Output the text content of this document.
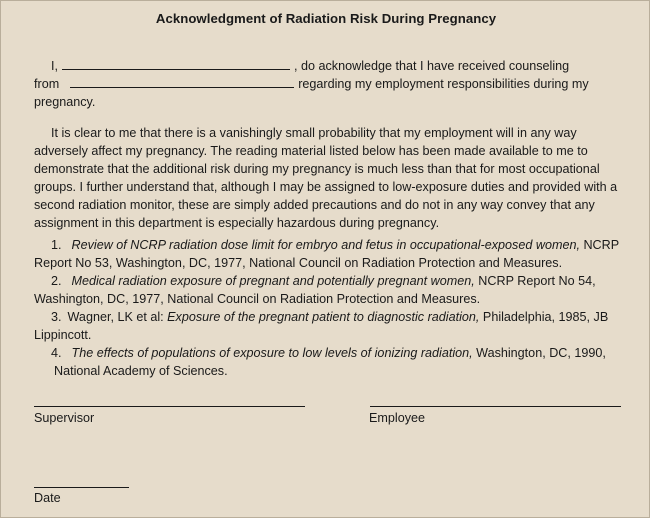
Acknowledgment of Radiation Risk During Pregnancy
I,	, do acknowledge that I have received counseling
from	regarding my employment responsibilities during my
pregnancy.
It is clear to me that there is a vanishingly small probability that my employment will in any way adversely affect my pregnancy. The reading material listed below has been made available to me to demonstrate that the additional risk during my pregnancy is much less than that for most occupational groups. I further understand that, although I may be assigned to low-exposure duties and provided with a second radiation monitor, these are simply added precautions and do not in any way convey that any assignment in this department is especially hazardous during pregnancy.
1. Review of NCRP radiation dose limit for embryo and fetus in occupational-exposed women, NCRP
Report No 53, Washington, DC, 1977, National Council on Radiation Protection and Measures.
2. Medical radiation exposure of pregnant and potentially pregnant women, NCRP Report No 54,
Washington, DC, 1977, National Council on Radiation Protection and Measures.
3. Wagner, LK et al: Exposure of the pregnant patient to diagnostic radiation, Philadelphia, 1985, JB
Lippincott.
4. The effects of populations of exposure to low levels of ionizing radiation, Washington, DC, 1990,
National Academy of Sciences.
Supervisor	Employee
Date
